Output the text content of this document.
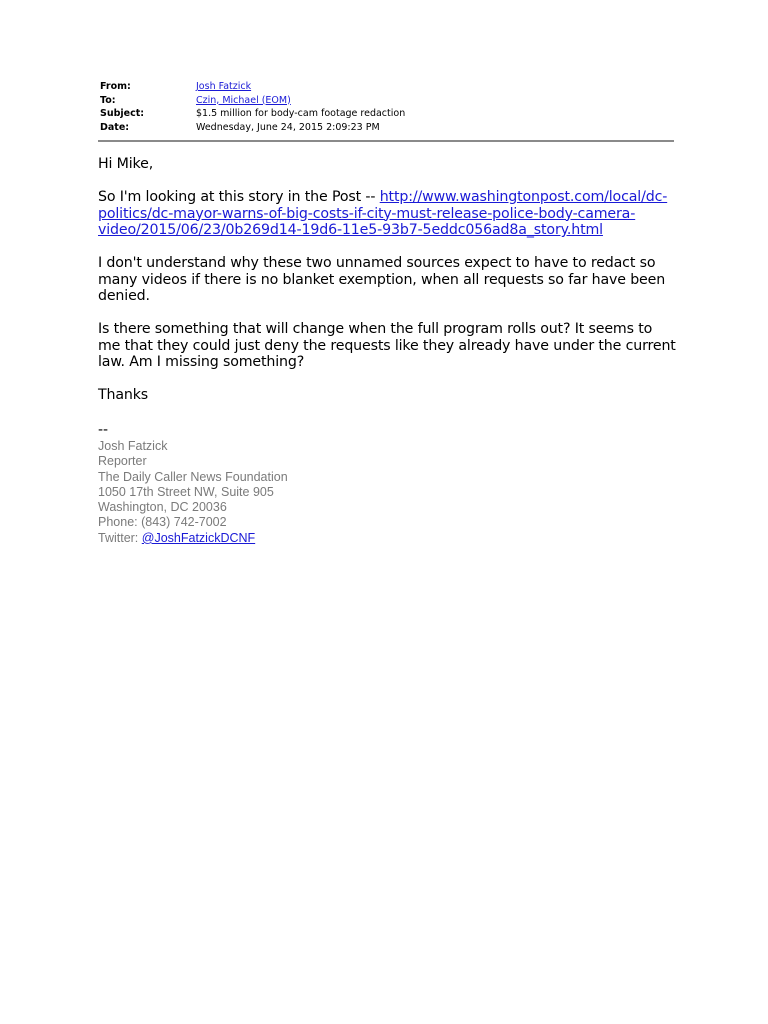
From:	Josh Fatzick
To:	Czin, Michael (EOM)
Subject:	$1.5 million for body-cam footage redaction
Date:	Wednesday, June 24, 2015 2:09:23 PM

Hi Mike,

So I'm looking at this story in the Post -- http://www.washingtonpost.com/local/dc-politics/dc-mayor-warns-of-big-costs-if-city-must-release-police-body-camera-video/2015/06/23/0b269d14-19d6-11e5-93b7-5eddc056ad8a_story.html

I don't understand why these two unnamed sources expect to have to redact so many videos if there is no blanket exemption, when all requests so far have been denied.

Is there something that will change when the full program rolls out? It seems to me that they could just deny the requests like they already have under the current law. Am I missing something?

Thanks

--
Josh Fatzick
Reporter
The Daily Caller News Foundation
1050 17th Street NW, Suite 905
Washington, DC 20036
Phone: (843) 742-7002
Twitter: @JoshFatzickDCNF
